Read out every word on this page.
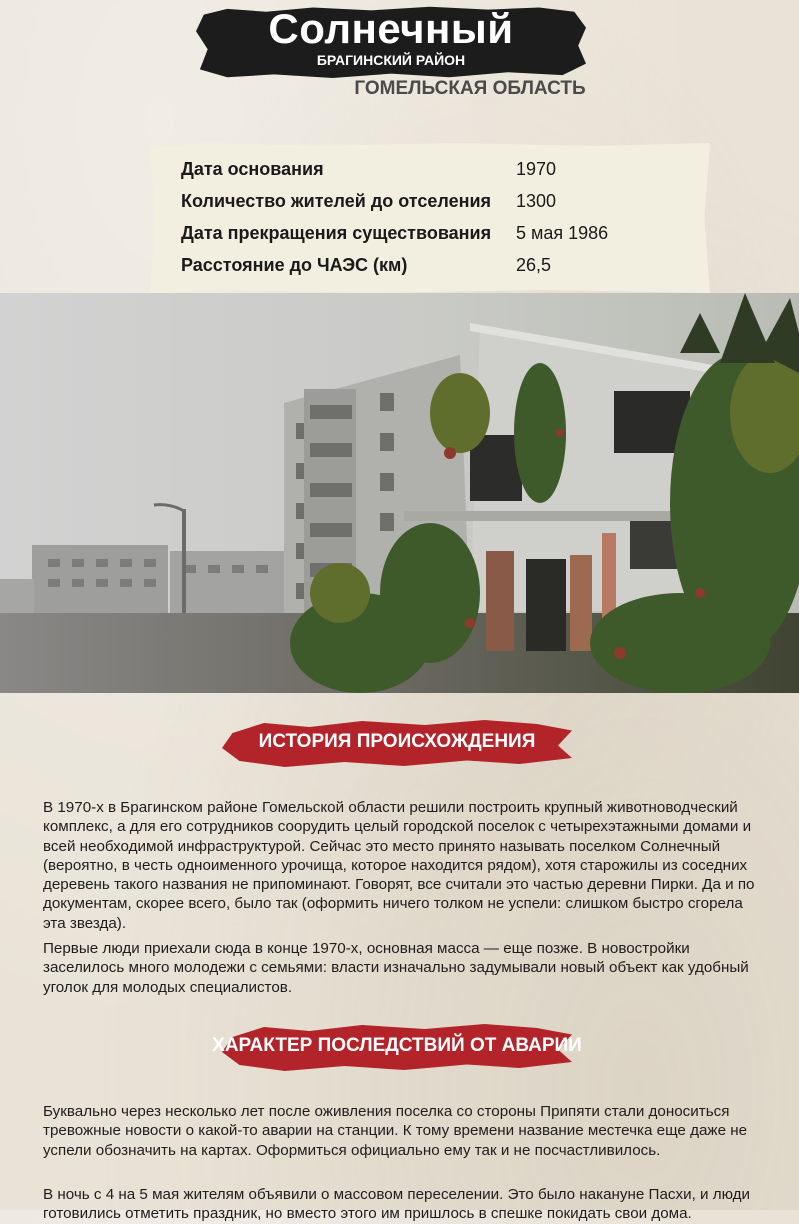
Солнечный
БРАГИНСКИЙ РАЙОН
ГОМЕЛЬСКАЯ ОБЛАСТЬ
Дата основания	1970
Количество жителей до отселения 1300
Дата прекращения существования 5 мая 1986
Расстояние до ЧАЭС (км)	26,5
ИСТОРИЯ ПРОИСХОЖДЕНИЯ

В 1970-х в Брагинском районе Гомельской области решили построить крупный животноводческий комплекс, а для его сотрудников соорудить целый городской поселок с четырехэтажными домами и всей необходимой инфраструктурой. Сейчас это место принято называть поселком Солнечный (вероятно, в честь одноименного урочища, которое находится рядом), хотя старожилы из соседних деревень такого названия не припоминают. Говорят, все считали это частью деревни Пирки. Да и по документам, скорее всего, было так (оформить ничего толком не успели: слишком быстро сгорела эта звезда).

Первые люди приехали сюда в конце 1970-х, основная масса — еще позже. В новостройки заселилось много молодежи с семьями: власти изначально задумывали новый объект как удобный уголок для молодых специалистов.

ХАРАКТЕР ПОСЛЕДСТВИЙ ОТ АВАРИИ

Буквально через несколько лет после оживления поселка со стороны Припяти стали доноситься тревожные новости о какой-то аварии на станции. К тому времени название местечка еще даже не успели обозначить на картах. Оформиться официально ему так и не посчастливилось.

В ночь с 4 на 5 мая жителям объявили о массовом переселении. Это было накануне Пасхи, и люди готовились отметить праздник, но вместо этого им пришлось в спешке покидать свои дома.
